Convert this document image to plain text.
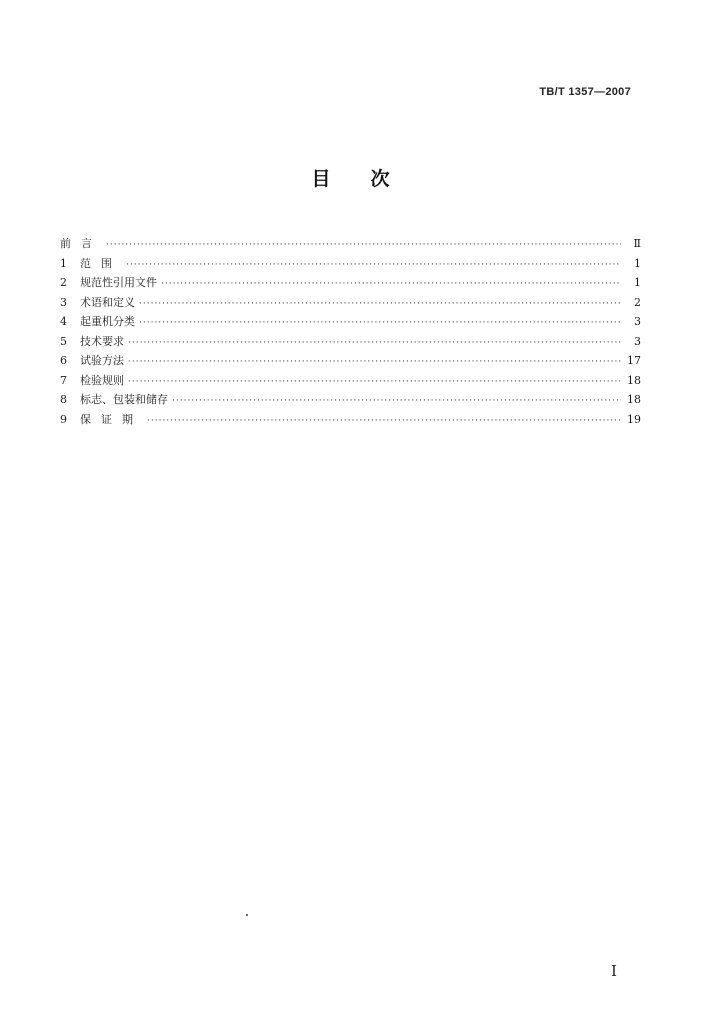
TB/T 1357—2007
目次
前言 ·····	Ⅱ
1	范围 ·····	1
2	规范性引用文件 ·····	1
3	术语和定义 ·····	2
4	起重机分类 ·····	3
5	技术要求 ·····	3
6	试验方法 ·····	17
7	检验规则 ·····	18
8	标志、包装和储存 ·····	18
9	保证期 ·····	19
Ⅰ
